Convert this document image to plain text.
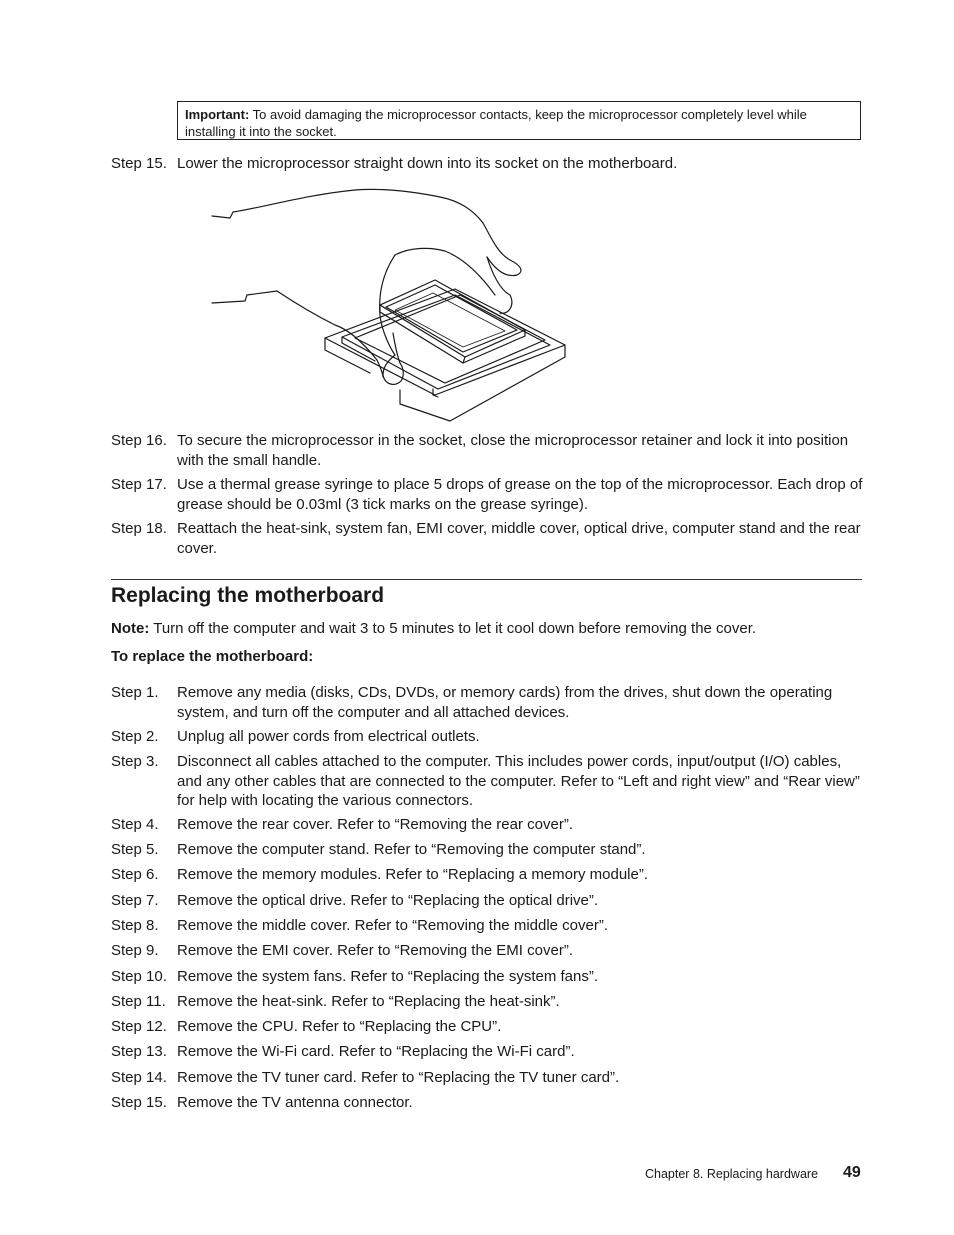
Important: To avoid damaging the microprocessor contacts, keep the microprocessor completely level while installing it into the socket.
Step 15. Lower the microprocessor straight down into its socket on the motherboard.
Step 16. To secure the microprocessor in the socket, close the microprocessor retainer and lock it into position with the small handle.
Step 17. Use a thermal grease syringe to place 5 drops of grease on the top of the microprocessor. Each drop of grease should be 0.03ml (3 tick marks on the grease syringe).
Step 18. Reattach the heat-sink, system fan, EMI cover, middle cover, optical drive, computer stand and the rear cover.
Replacing the motherboard
Note: Turn off the computer and wait 3 to 5 minutes to let it cool down before removing the cover.
To replace the motherboard:
Step 1. Remove any media (disks, CDs, DVDs, or memory cards) from the drives, shut down the operating system, and turn off the computer and all attached devices.
Step 2. Unplug all power cords from electrical outlets.
Step 3. Disconnect all cables attached to the computer. This includes power cords, input/output (I/O) cables, and any other cables that are connected to the computer. Refer to “Left and right view” and “Rear view” for help with locating the various connectors.
Step 4. Remove the rear cover. Refer to “Removing the rear cover”.
Step 5. Remove the computer stand. Refer to “Removing the computer stand”.
Step 6. Remove the memory modules. Refer to “Replacing a memory module”.
Step 7. Remove the optical drive. Refer to “Replacing the optical drive”.
Step 8. Remove the middle cover. Refer to “Removing the middle cover”.
Step 9. Remove the EMI cover. Refer to “Removing the EMI cover”.
Step 10. Remove the system fans. Refer to “Replacing the system fans”.
Step 11. Remove the heat-sink. Refer to “Replacing the heat-sink”.
Step 12. Remove the CPU. Refer to “Replacing the CPU”.
Step 13. Remove the Wi-Fi card. Refer to “Replacing the Wi-Fi card”.
Step 14. Remove the TV tuner card. Refer to “Replacing the TV tuner card”.
Step 15. Remove the TV antenna connector.
Chapter 8. Replacing hardware 49
